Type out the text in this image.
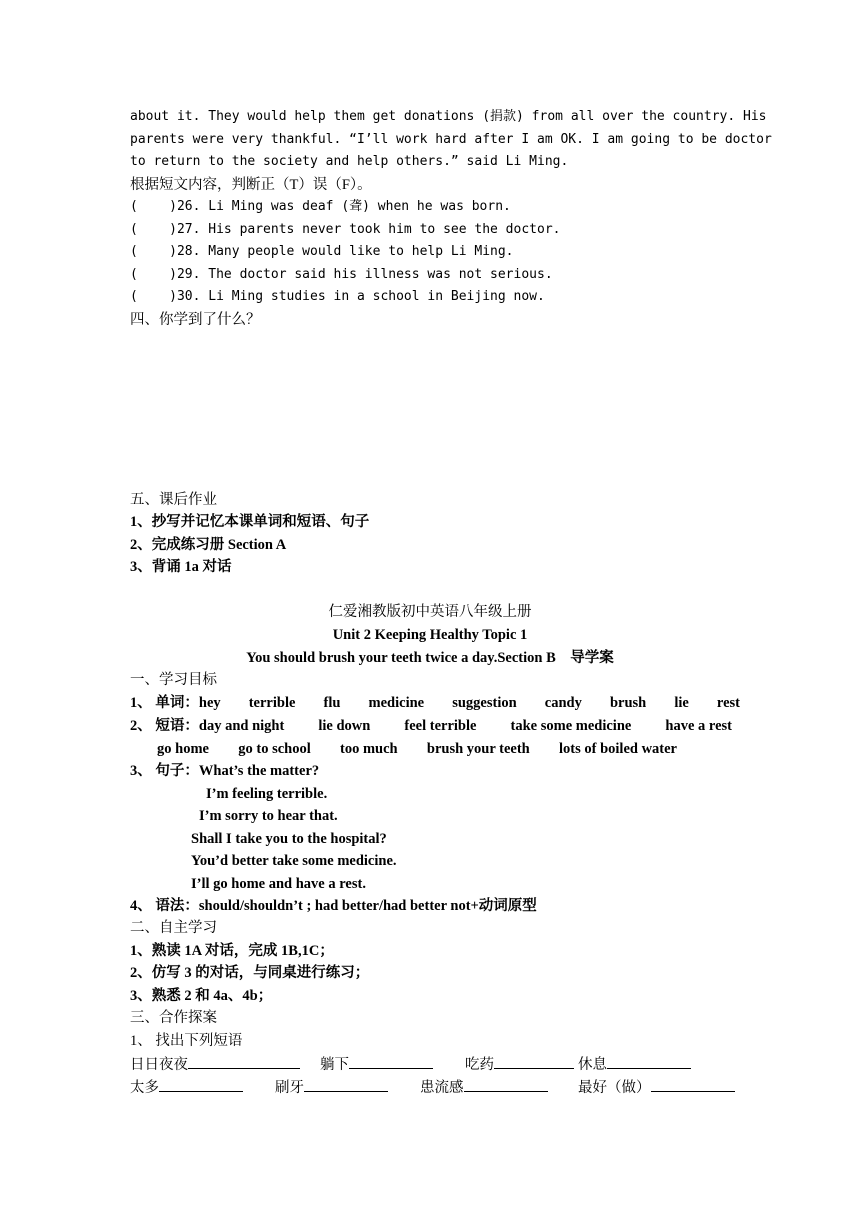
about it. They would help them get donations (捐款) from all over the country. His
parents were very thankful. “I’ll work hard after I am OK. I am going to be doctor
to return to the society and help others.” said Li Ming.
根据短文内容，判断正（T）误（F）。
(    )26. Li Ming was deaf (聋) when he was born.
(    )27. His parents never took him to see the doctor.
(    )28. Many people would like to help Li Ming.
(    )29. The doctor said his illness was not serious.
(    )30. Li Ming studies in a school in Beijing now.
四、你学到了什么？
五、课后作业
1、抄写并记忆本课单词和短语、句子
2、完成练习册 Section A
3、背诵 1a 对话
仁爱湘教版初中英语八年级上册
Unit 2 Keeping Healthy Topic 1
You should brush your teeth twice a day.Section B    导学案
一、学习目标
1、 单词：hey terrible flu medicine suggestion candy brush lie rest
2、 短语：day and night lie down feel terrible take some medicine have a rest
go home go to school too much brush your teeth lots of boiled water
3、 句子：What’s the matter?
I’m feeling terrible.
I’m sorry to hear that.
Shall I take you to the hospital?
You’d better take some medicine.
I’ll go home and have a rest.
4、 语法：should/shouldn’t ; had better/had better not+动词原型
二、自主学习
1、熟读 1A 对话，完成 1B,1C；
2、仿写 3 的对话，与同桌进行练习；
3、熟悉 2 和 4a、4b；
三、合作探案
1、 找出下列短语
日日夜夜	躺下	吃药	休息
太多	刷牙	患流感	最好（做）
